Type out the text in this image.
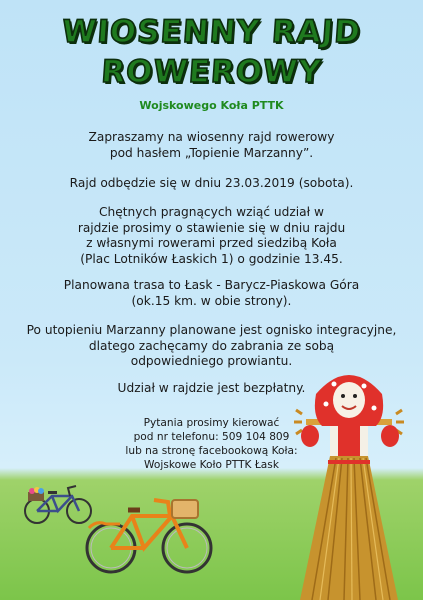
WIOSENNY RAJD
ROWEROWY
Wojskowego Koła PTTK
Zapraszamy na wiosenny rajd rowerowy
pod hasłem „Topienie Marzanny”.
Rajd odbędzie się w dniu 23.03.2019 (sobota).
Chętnych pragnących wziąć udział w
rajdzie prosimy o stawienie się w dniu rajdu
z własnymi rowerami przed siedzibą Koła
(Plac Lotników Łaskich 1) o godzinie 13.45.
Planowana trasa to Łask - Barycz-Piaskowa Góra
(ok.15 km. w obie strony).
Po utopieniu Marzanny planowane jest ognisko integracyjne,
dlatego zachęcamy do zabrania ze sobą
odpowiedniego prowiantu.
Udział w rajdzie jest bezpłatny.
Pytania prosimy kierować
pod nr telefonu: 509 104 809
lub na stronę facebookową Koła:
Wojskowe Koło PTTK Łask
